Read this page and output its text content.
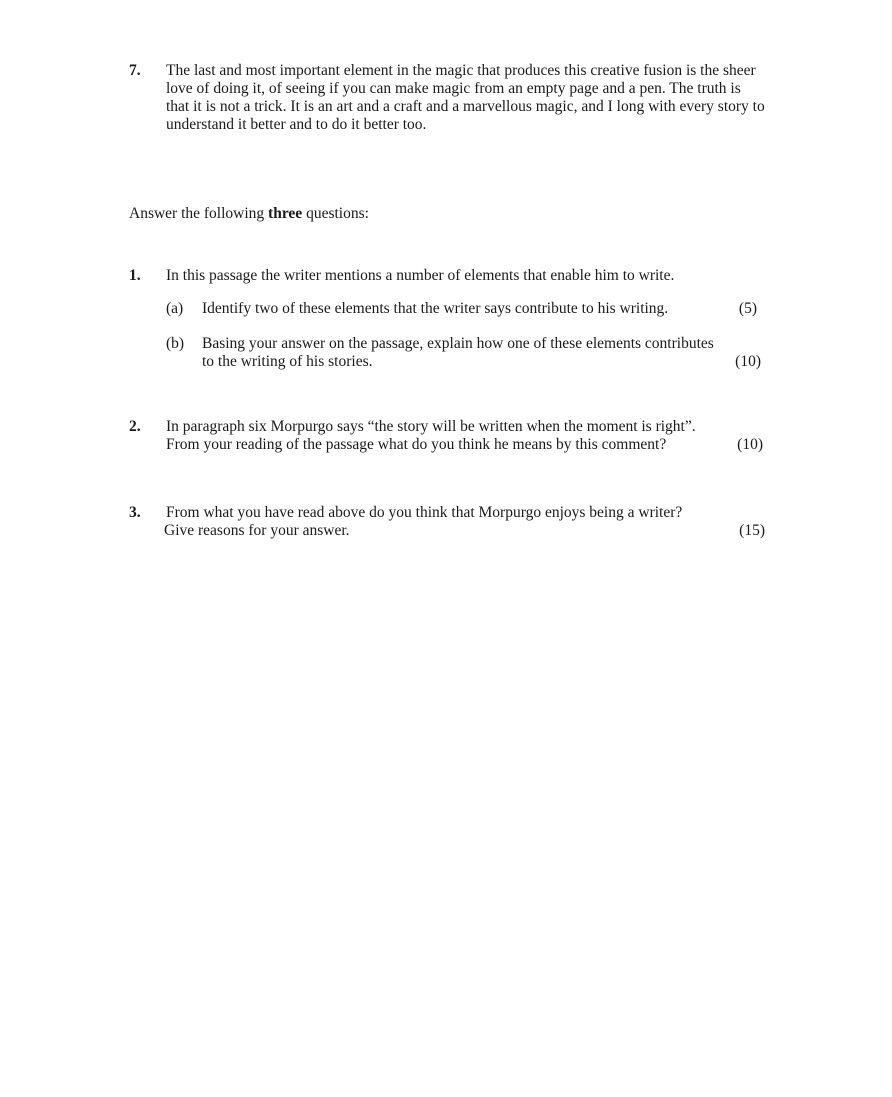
7. The last and most important element in the magic that produces this creative fusion is the sheer
love of doing it, of seeing if you can make magic from an empty page and a pen. The truth is
that it is not a trick. It is an art and a craft and a marvellous magic, and I long with every story to
understand it better and to do it better too.
Answer the following three questions:
1. In this passage the writer mentions a number of elements that enable him to write.
(a) Identify two of these elements that the writer says contribute to his writing.	(5)
(b) Basing your answer on the passage, explain how one of these elements contributes
to the writing of his stories.	(10)
2. In paragraph six Morpurgo says “the story will be written when the moment is right”.
From your reading of the passage what do you think he means by this comment?	(10)
3. From what you have read above do you think that Morpurgo enjoys being a writer?
Give reasons for your answer.	(15)
